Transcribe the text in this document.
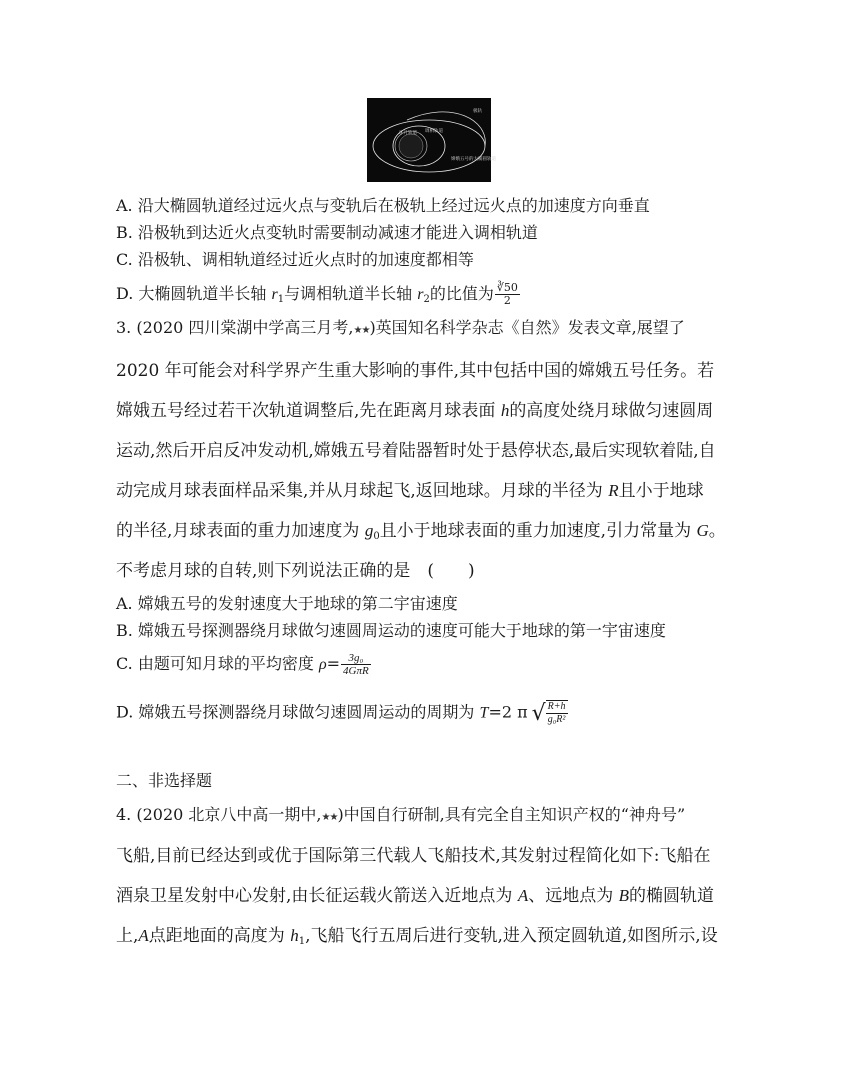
极轨
环月轨道 调相轨道
嫦娥五号的大椭圆轨道
A. 沿大椭圆轨道经过远火点与变轨后在极轨上经过远火点的加速度方向垂直
B. 沿极轨到达近火点变轨时需要制动减速才能进入调相轨道
C. 沿极轨、调相轨道经过近火点时的加速度都相等
D. 大椭圆轨道半长轴 $r_1$与调相轨道半长轴 $r_2$的比值为 $\frac{∛50}{2}$
3. (2020 四川棠湖中学高三月考,★★)英国知名科学杂志《自然》发表文章,展望了
2020 年可能会对科学界产生重大影响的事件,其中包括中国的嫦娥五号任务。若
嫦娥五号经过若干次轨道调整后,先在距离月球表面 h的高度处绕月球做匀速圆周
运动,然后开启反冲发动机,嫦娥五号着陆器暂时处于悬停状态,最后实现软着陆,自
动完成月球表面样品采集,并从月球起飞,返回地球。月球的半径为 R且小于地球
的半径,月球表面的重力加速度为 $g_0$且小于地球表面的重力加速度,引力常量为 G。
不考虑月球的自转,则下列说法正确的是　(　　)
A. 嫦娥五号的发射速度大于地球的第二宇宙速度
B. 嫦娥五号探测器绕月球做匀速圆周运动的速度可能大于地球的第一宇宙速度
C. 由题可知月球的平均密度 $\rho= \frac{\text{3g₀}}{\text{4GπR}}$
D. 嫦娥五号探测器绕月球做匀速圆周运动的周期为 T=2 π √ $\frac{R+h}{\text{g₀R²}}$
二、非选择题
4. (2020 北京八中高一期中,★★)中国自行研制,具有完全自主知识产权的“神舟号”
飞船,目前已经达到或优于国际第三代载人飞船技术,其发射过程简化如下:飞船在
酒泉卫星发射中心发射,由长征运载火箭送入近地点为 A、远地点为 B的椭圆轨道
上,A点距地面的高度为 $h_1$,飞船飞行五周后进行变轨,进入预定圆轨道,如图所示,设
